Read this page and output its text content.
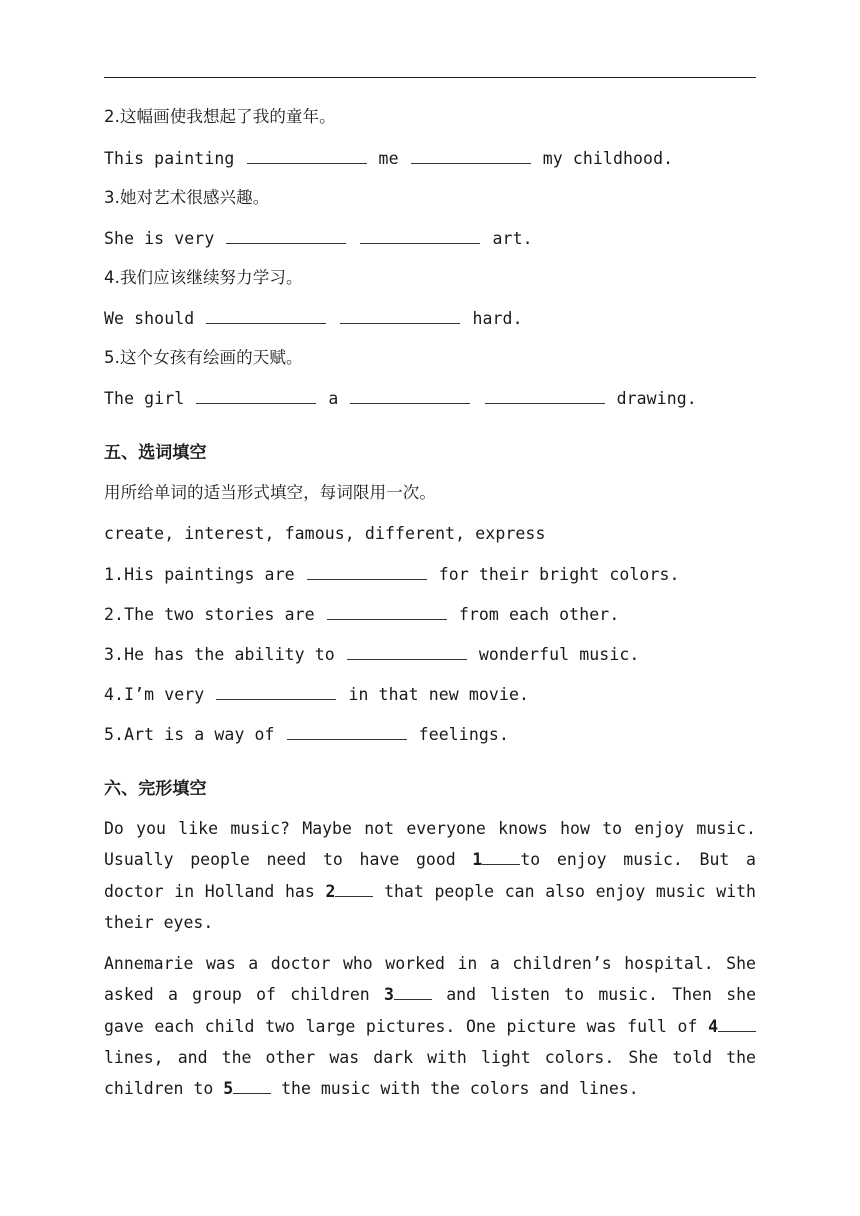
2.这幅画使我想起了我的童年。
This painting	me	my childhood.
3.她对艺术很感兴趣。
She is very	art.
4.我们应该继续努力学习。
We should	hard.
5.这个女孩有绘画的天赋。
The girl	a	drawing.
五、选词填空
用所给单词的适当形式填空，每词限用一次。
create, interest, famous, different, express
1.His paintings are	for their bright colors.
2.The two stories are	from each other.
3.He has the ability to	wonderful music.
4.I’m very	in that new movie.
5.Art is a way of	feelings.
六、完形填空
Do you like music? Maybe not everyone knows how to enjoy music. Usually people need to have good 1 to enjoy music. But a doctor in Holland has 2 that people can also enjoy music with their eyes.
Annemarie was a doctor who worked in a children’s hospital. She asked a group of children 3 and listen to music. Then she gave each child two large pictures. One picture was full of 4 lines, and the other was dark with light colors. She told the children to 5 the music with the colors and lines.
